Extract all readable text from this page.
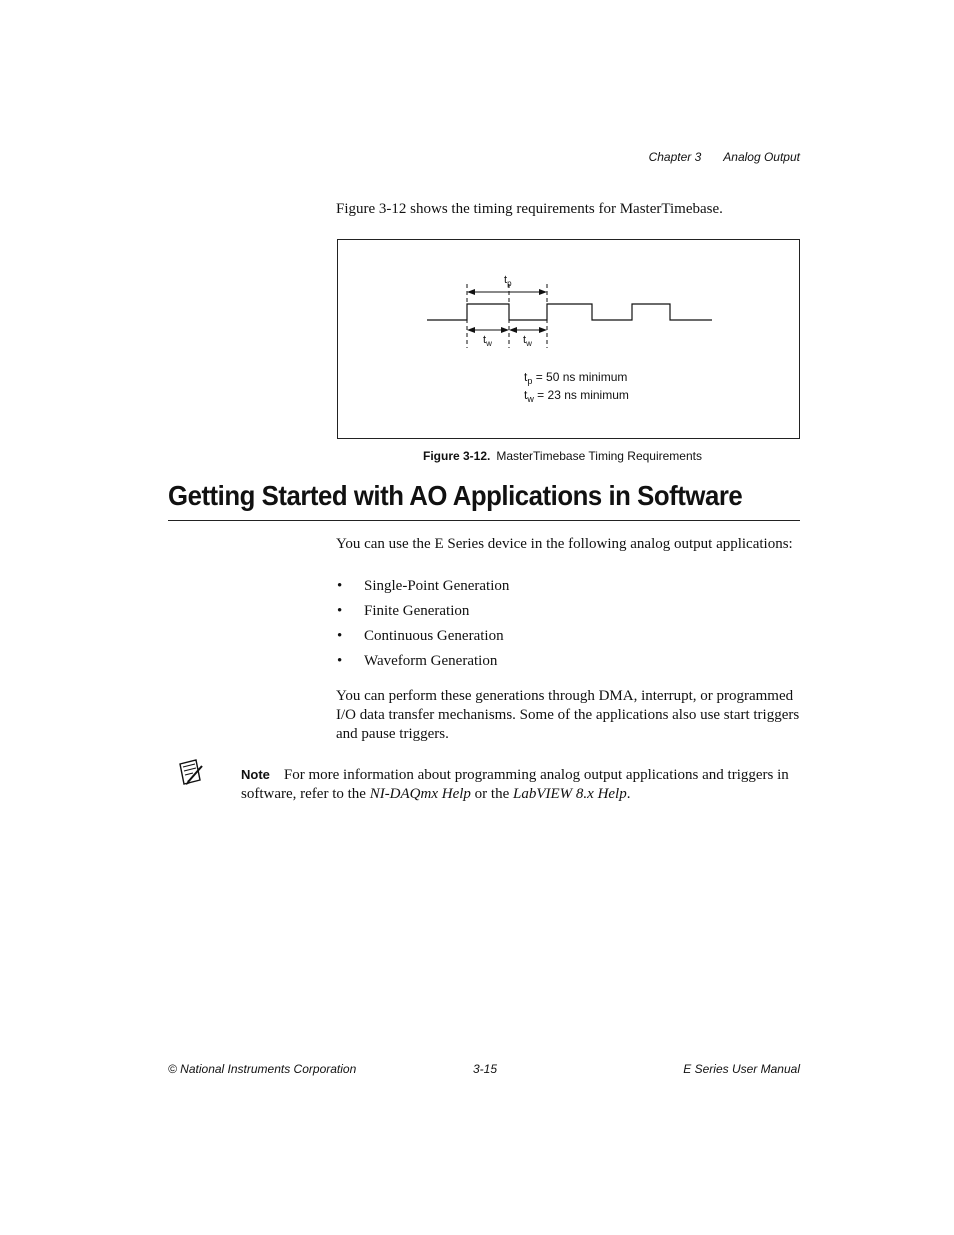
Chapter 3 Analog Output
Figure 3-12 shows the timing requirements for MasterTimebase.
$t_p$
$t_w$	$t_w$
$t_p = 50$ ns minimum
$t_w = 23$ ns minimum
Figure 3-12. MasterTimebase Timing Requirements
Getting Started with AO Applications in Software
You can use the E Series device in the following analog output applications:
• Single-Point Generation
• Finite Generation
• Continuous Generation
• Waveform Generation
You can perform these generations through DMA, interrupt, or programmed I/O data transfer mechanisms. Some of the applications also use start triggers and pause triggers.
Note For more information about programming analog output applications and triggers in software, refer to the NI-DAQmx Help or the LabVIEW 8.x Help.
© National Instruments Corporation	3-15	E Series User Manual
